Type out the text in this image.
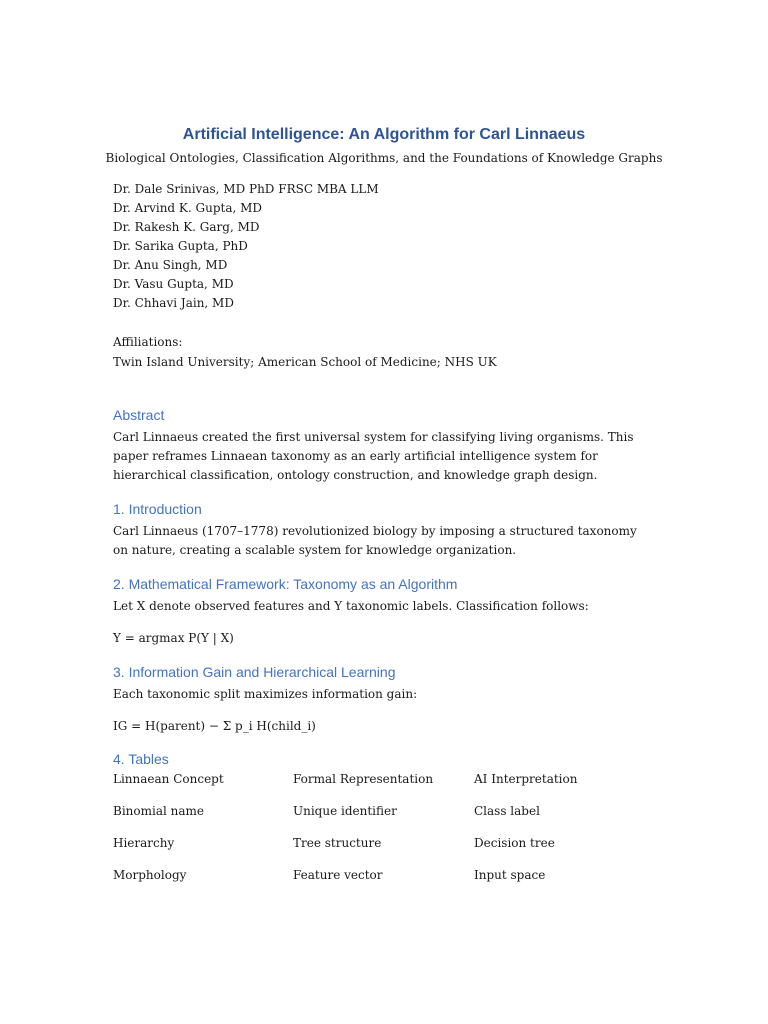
Artificial Intelligence: An Algorithm for Carl Linnaeus
Biological Ontologies, Classification Algorithms, and the Foundations of Knowledge Graphs
Dr. Dale Srinivas, MD PhD FRSC MBA LLM
Dr. Arvind K. Gupta, MD
Dr. Rakesh K. Garg, MD
Dr. Sarika Gupta, PhD
Dr. Anu Singh, MD
Dr. Vasu Gupta, MD
Dr. Chhavi Jain, MD
Affiliations:
Twin Island University; American School of Medicine; NHS UK
Abstract
Carl Linnaeus created the first universal system for classifying living organisms. This paper reframes Linnaean taxonomy as an early artificial intelligence system for hierarchical classification, ontology construction, and knowledge graph design.
1. Introduction
Carl Linnaeus (1707–1778) revolutionized biology by imposing a structured taxonomy on nature, creating a scalable system for knowledge organization.
2. Mathematical Framework: Taxonomy as an Algorithm
Let X denote observed features and Y taxonomic labels. Classification follows:
Y = argmax P(Y | X)
3. Information Gain and Hierarchical Learning
Each taxonomic split maximizes information gain:
IG = H(parent) − Σ p_i H(child_i)
4. Tables
Linnaean Concept	Formal Representation	AI Interpretation
Binomial name	Unique identifier	Class label
Hierarchy	Tree structure	Decision tree
Morphology	Feature vector	Input space
